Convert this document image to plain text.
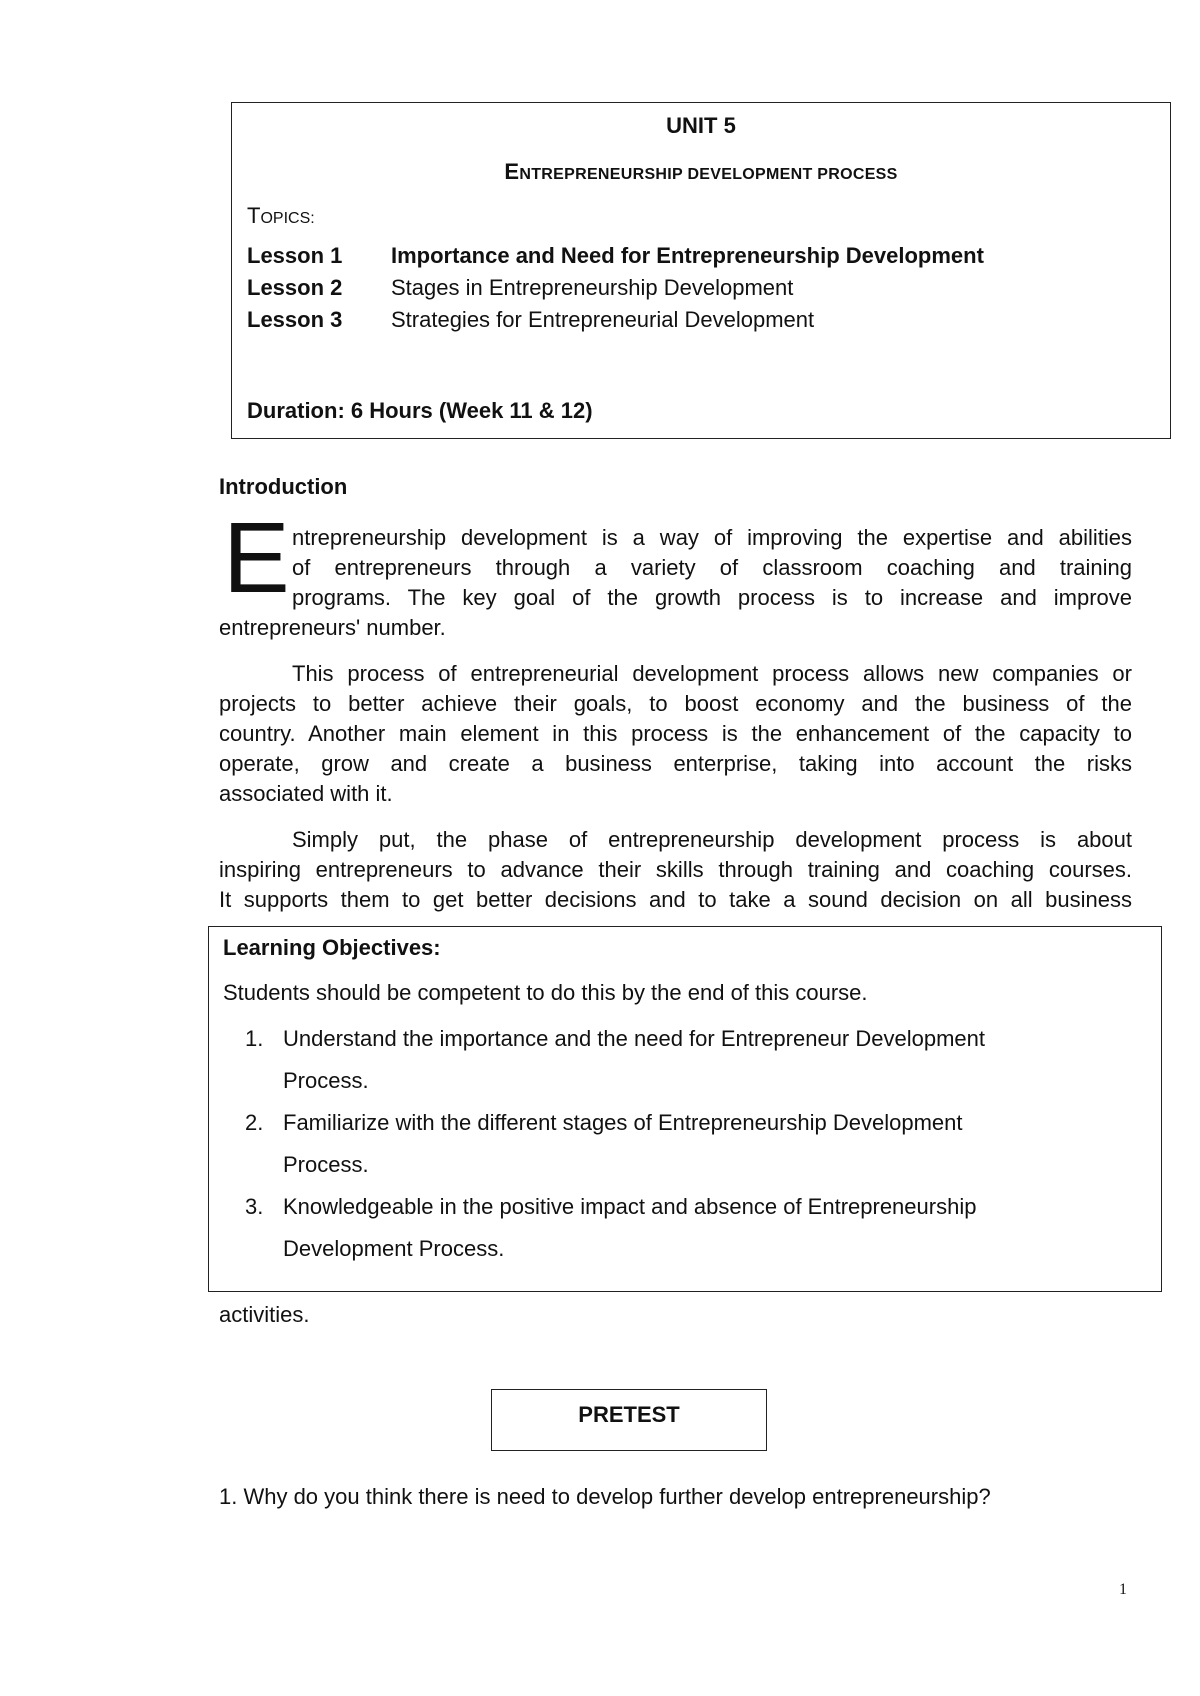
UNIT 5
ENTREPRENEURSHIP DEVELOPMENT PROCESS
TOPICS:
Lesson 1	Importance and Need for Entrepreneurship Development
Lesson 2	Stages in Entrepreneurship Development
Lesson 3	Strategies for Entrepreneurial Development
Duration: 6 Hours (Week 11 & 12)
Introduction
E ntrepreneurship development is a way of improving the expertise and abilities
of entrepreneurs through a variety of classroom coaching and training
programs. The key goal of the growth process is to increase and improve
entrepreneurs' number.
This process of entrepreneurial development process allows new companies or
projects to better achieve their goals, to boost economy and the business of the
country. Another main element in this process is the enhancement of the capacity to
operate, grow and create a business enterprise, taking into account the risks
associated with it.
Simply put, the phase of entrepreneurship development process is about
inspiring entrepreneurs to advance their skills through training and coaching courses.
It supports them to get better decisions and to take a sound decision on all business
activities.
Learning Objectives:
Students should be competent to do this by the end of this course.
1. Understand the importance and the need for Entrepreneur Development
Process.
2. Familiarize with the different stages of Entrepreneurship Development
Process.
3. Knowledgeable in the positive impact and absence of Entrepreneurship
Development Process.
PRETEST
1. Why do you think there is need to develop further develop entrepreneurship?
1
